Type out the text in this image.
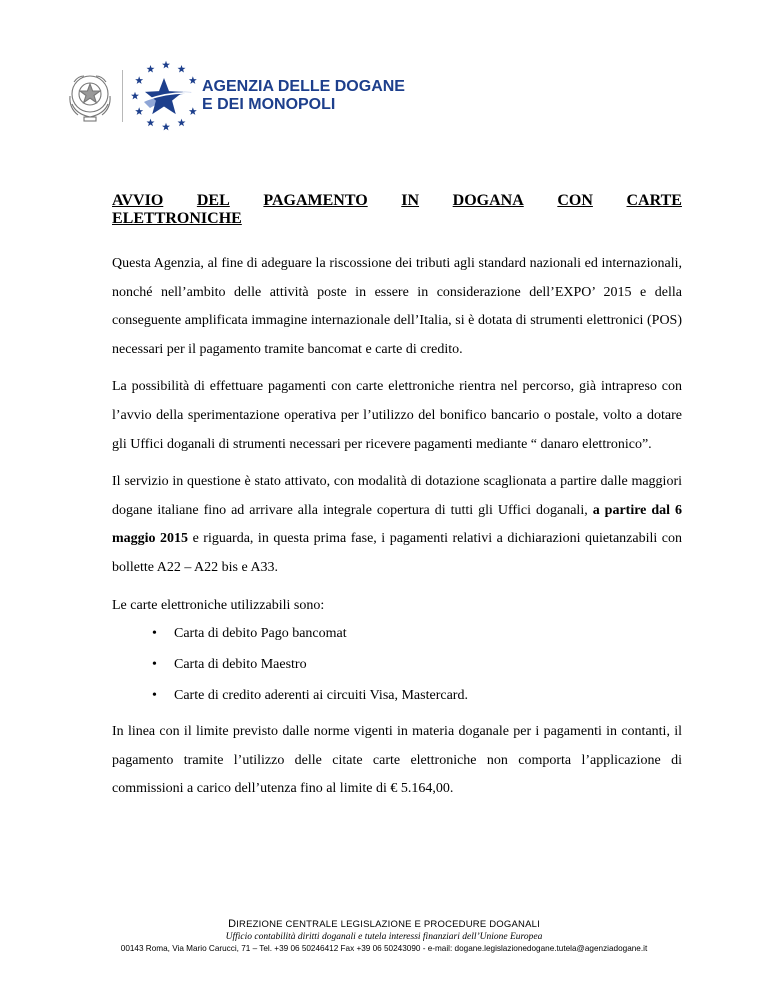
AGENZIA DELLE DOGANE
E DEI MONOPOLI
AVVIO DEL PAGAMENTO IN DOGANA CON CARTE
ELETTRONICHE

Questa Agenzia, al fine di adeguare la riscossione dei tributi agli standard nazionali ed internazionali, nonché nell’ambito delle attività poste in essere in considerazione dell’EXPO’ 2015 e della conseguente amplificata immagine internazionale dell’Italia, si è dotata di strumenti elettronici (POS) necessari per il pagamento tramite bancomat e carte di credito.

La possibilità di effettuare pagamenti con carte elettroniche rientra nel percorso, già intrapreso con l’avvio della sperimentazione operativa per l’utilizzo del bonifico bancario o postale, volto a dotare gli Uffici doganali di strumenti necessari per ricevere pagamenti mediante “ danaro elettronico”.

Il servizio in questione è stato attivato, con modalità di dotazione scaglionata a partire dalle maggiori dogane italiane fino ad arrivare alla integrale copertura di tutti gli Uffici doganali, a partire dal 6 maggio 2015 e riguarda, in questa prima fase, i pagamenti relativi a dichiarazioni quietanzabili con bollette A22 – A22 bis e A33.

Le carte elettroniche utilizzabili sono:

• Carta di debito Pago bancomat
• Carta di debito Maestro
• Carte di credito aderenti ai circuiti Visa, Mastercard.

In linea con il limite previsto dalle norme vigenti in materia doganale per i pagamenti in contanti, il pagamento tramite l’utilizzo delle citate carte elettroniche non comporta l’applicazione di commissioni a carico dell’utenza fino al limite di € 5.164,00.

DIREZIONE CENTRALE LEGISLAZIONE E PROCEDURE DOGANALI
Ufficio contabilità diritti doganali e tutela interessi finanziari dell’Unione Europea
00143 Roma, Via Mario Carucci, 71 – Tel. +39 06 50246412 Fax +39 06 50243090 - e-mail: dogane.legislazionedogane.tutela@agenziadogane.it
